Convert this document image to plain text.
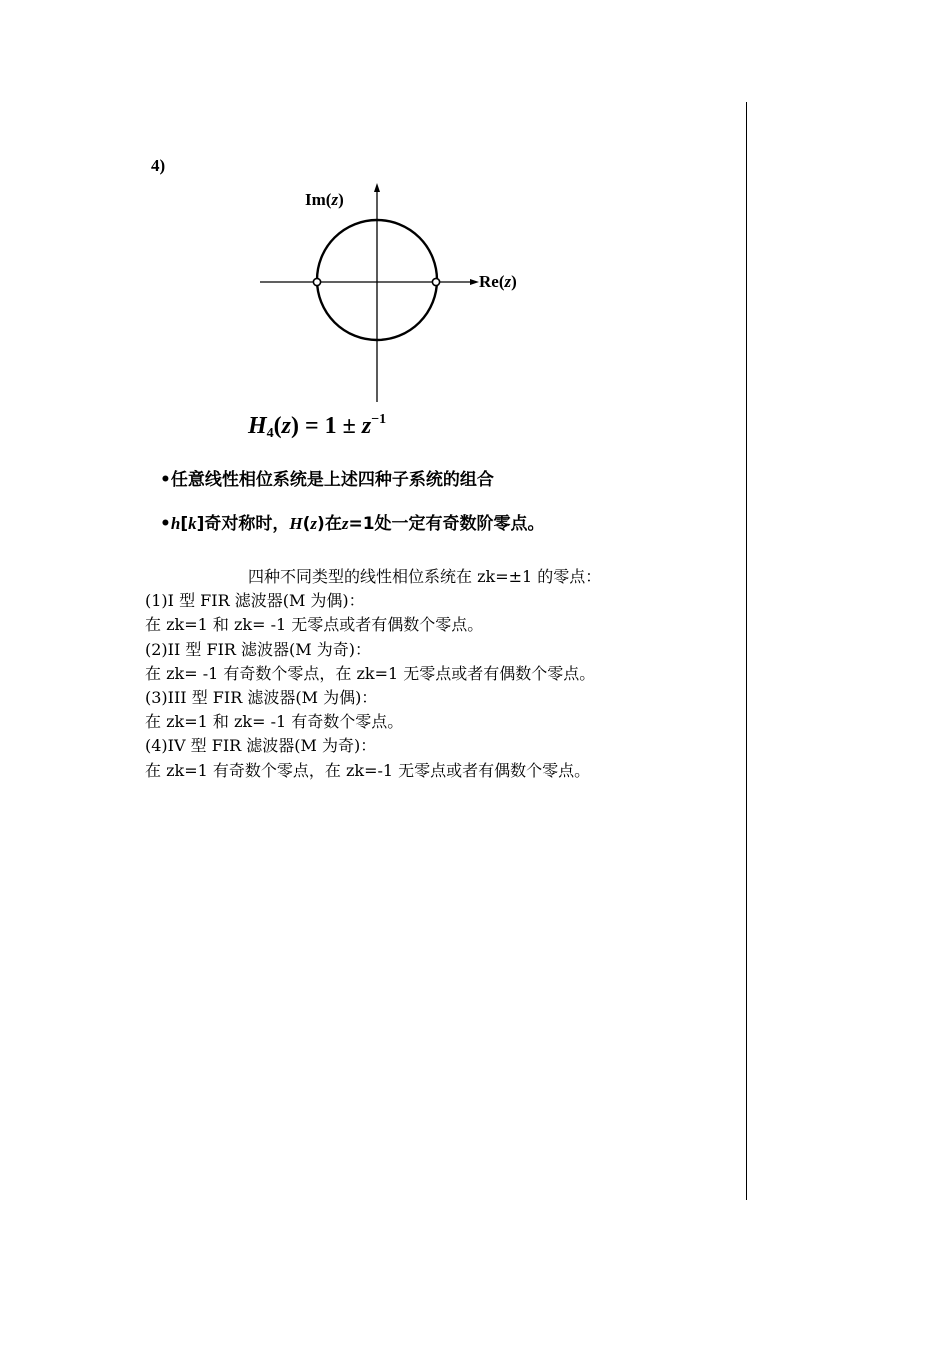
4)
Im(z)
Re(z)
$H_4(z) = 1 \pm z^{-1}$
•任意线性相位系统是上述四种子系统的组合
•h[k]奇对称时，H(z)在z=1处一定有奇数阶零点。
四种不同类型的线性相位系统在 zk=±1 的零点：
(1)I 型 FIR 滤波器(M 为偶)：
在 zk=1 和 zk= -1 无零点或者有偶数个零点。
(2)II 型 FIR 滤波器(M 为奇)：
在 zk= -1 有奇数个零点，在 zk=1 无零点或者有偶数个零点。
(3)III 型 FIR 滤波器(M 为偶)：
在 zk=1 和 zk= -1 有奇数个零点。
(4)IV 型 FIR 滤波器(M 为奇)：
在 zk=1 有奇数个零点，在 zk=-1 无零点或者有偶数个零点。
